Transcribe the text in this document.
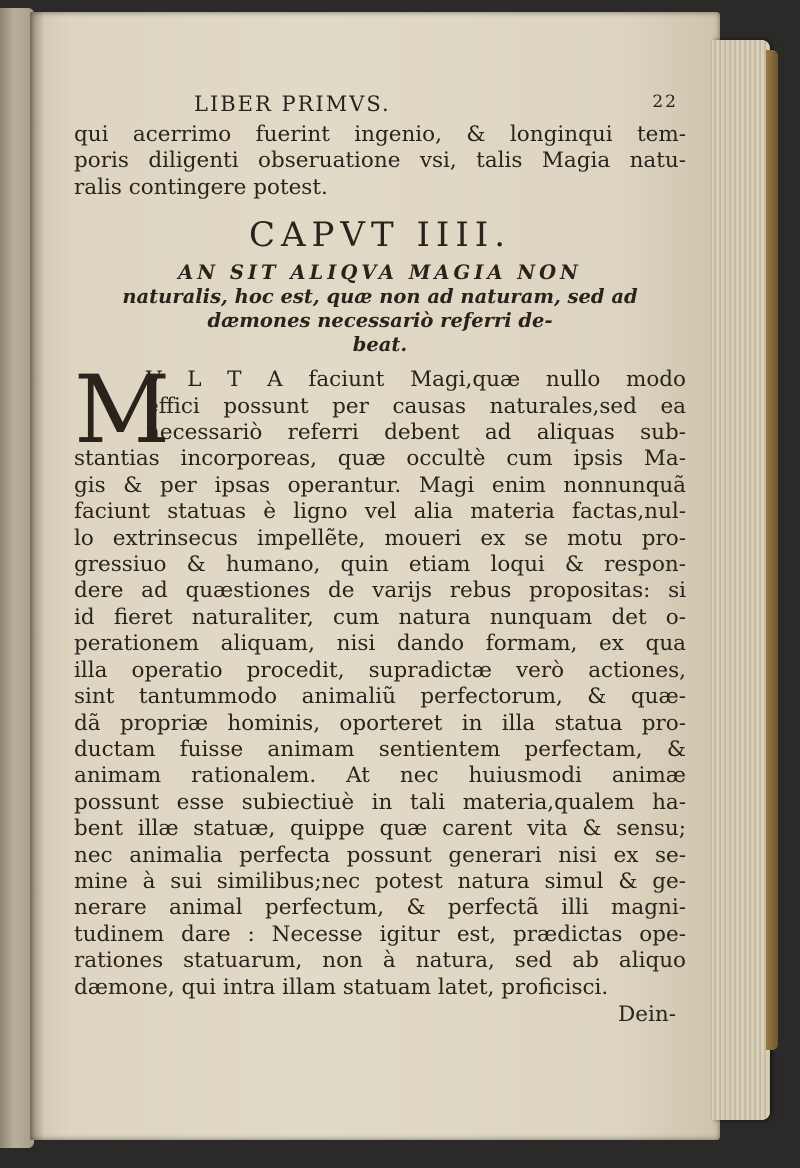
LIBER PRIMVS.	22
qui acerrimo fuerint ingenio, & longinqui tem-
poris diligenti obseruatione vsi, talis Magia natu-
ralis contingere potest.
CAPVT IIII.
AN SIT ALIQVA MAGIA NON
naturalis, hoc est, quæ non ad naturam, sed ad
dæmones necessariò referri de-
beat.
M
V L T A faciunt Magi,quæ nullo modo
effici possunt per causas naturales,sed ea
necessariò referri debent ad aliquas sub-
stantias incorporeas, quæ occultè cum ipsis Ma-
gis & per ipsas operantur. Magi enim nonnunquã
faciunt statuas è ligno vel alia materia factas,nul-
lo extrinsecus impellẽte, moueri ex se motu pro-
gressiuo & humano, quin etiam loqui & respon-
dere ad quæstiones de varijs rebus propositas: si
id fieret naturaliter, cum natura nunquam det o-
perationem aliquam, nisi dando formam, ex qua
illa operatio procedit, supradictæ verò actiones,
sint tantummodo animaliũ perfectorum, & quæ-
dã propriæ hominis, oporteret in illa statua pro-
ductam fuisse animam sentientem perfectam, &
animam rationalem. At nec huiusmodi animæ
possunt esse subiectiuè in tali materia,qualem ha-
bent illæ statuæ, quippe quæ carent vita & sensu;
nec animalia perfecta possunt generari nisi ex se-
mine à sui similibus;nec potest natura simul & ge-
nerare animal perfectum, & perfectã illi magni-
tudinem dare : Necesse igitur est, prædictas ope-
rationes statuarum, non à natura, sed ab aliquo
dæmone, qui intra illam statuam latet, proficisci.
Dein-
